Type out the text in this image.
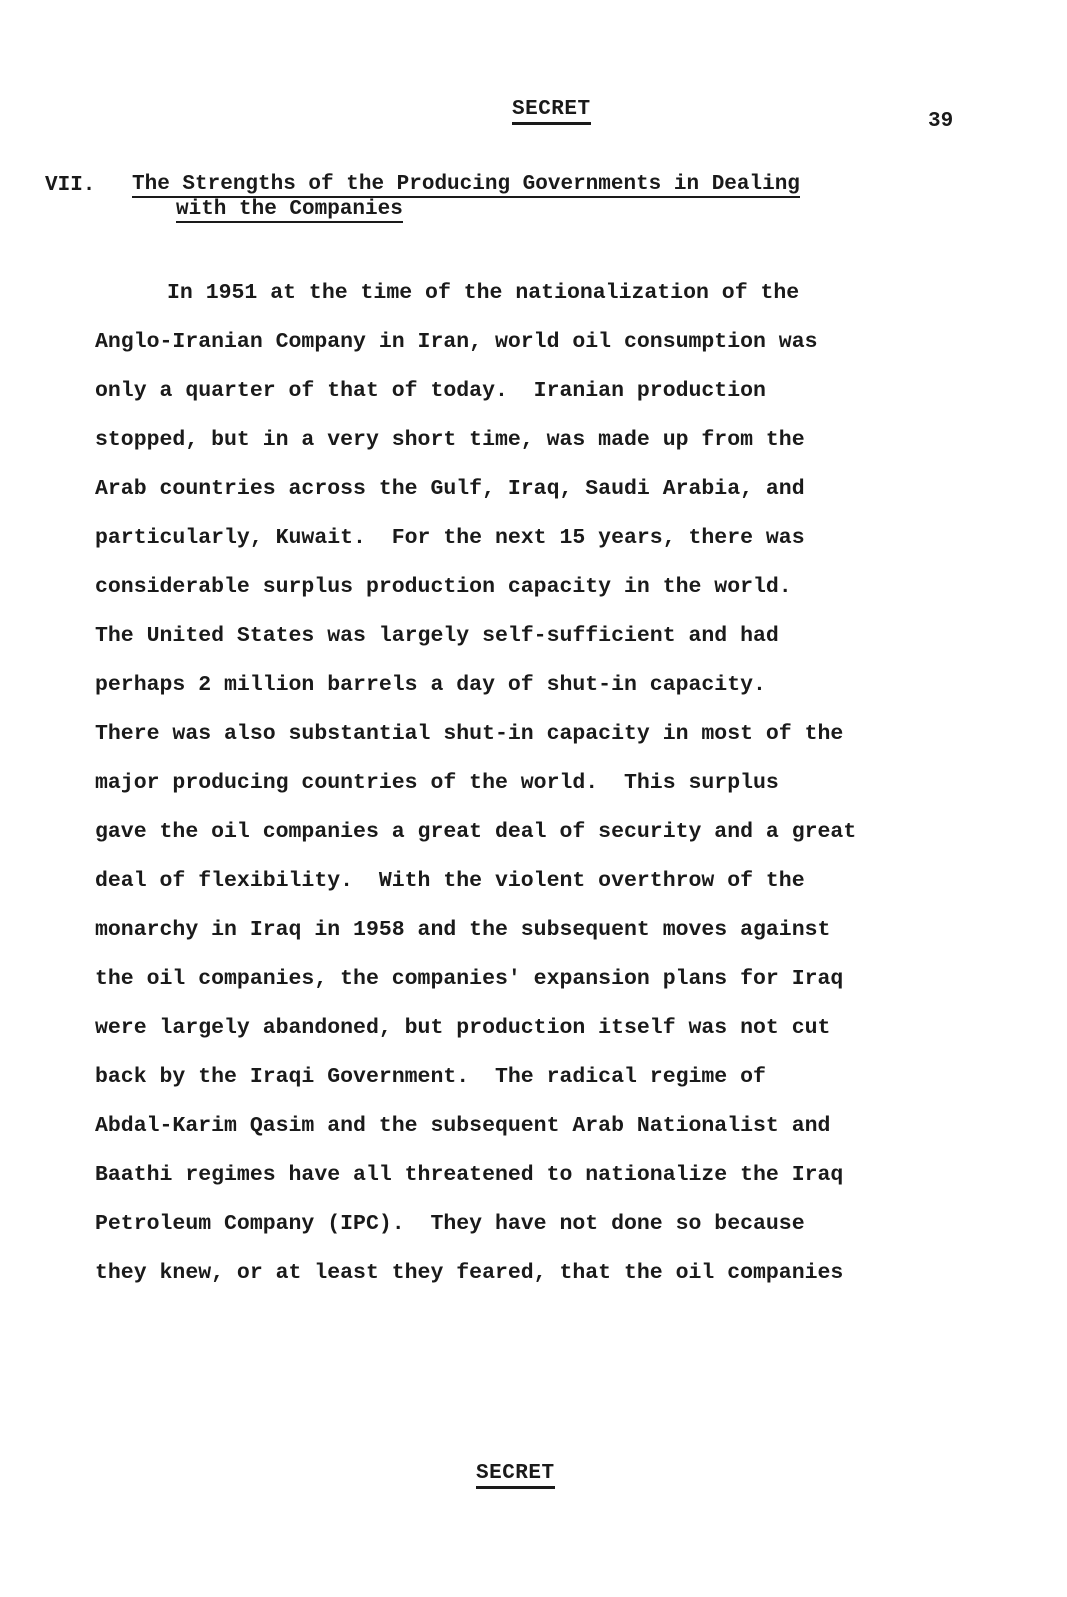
SECRET
39
VII. The Strengths of the Producing Governments in Dealing
with the Companies
In 1951 at the time of the nationalization of the
Anglo-Iranian Company in Iran, world oil consumption was
only a quarter of that of today.  Iranian production
stopped, but in a very short time, was made up from the
Arab countries across the Gulf, Iraq, Saudi Arabia, and
particularly, Kuwait.  For the next 15 years, there was
considerable surplus production capacity in the world.
The United States was largely self-sufficient and had
perhaps 2 million barrels a day of shut-in capacity.
There was also substantial shut-in capacity in most of the
major producing countries of the world.  This surplus
gave the oil companies a great deal of security and a great
deal of flexibility.  With the violent overthrow of the
monarchy in Iraq in 1958 and the subsequent moves against
the oil companies, the companies' expansion plans for Iraq
were largely abandoned, but production itself was not cut
back by the Iraqi Government.  The radical regime of
Abdal-Karim Qasim and the subsequent Arab Nationalist and
Baathi regimes have all threatened to nationalize the Iraq
Petroleum Company (IPC).  They have not done so because
they knew, or at least they feared, that the oil companies
SECRET
